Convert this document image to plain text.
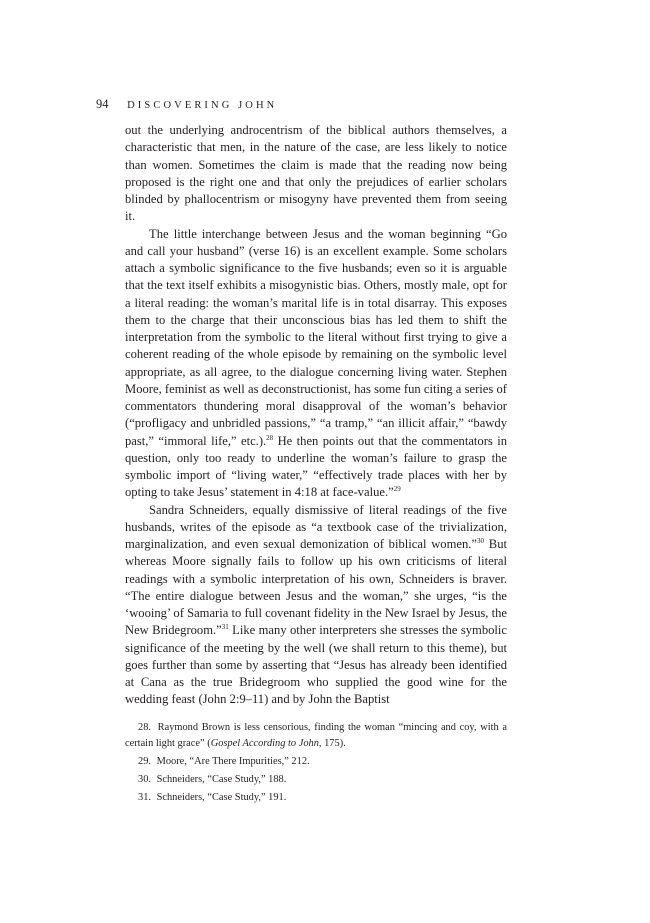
94 DISCOVERING JOHN

out the underlying androcentrism of the biblical authors themselves, a characteristic that men, in the nature of the case, are less likely to notice than women. Sometimes the claim is made that the reading now being proposed is the right one and that only the prejudices of earlier scholars blinded by phallocentrism or misogyny have prevented them from seeing it.

The little interchange between Jesus and the woman beginning “Go and call your husband” (verse 16) is an excellent example. Some scholars attach a symbolic significance to the five husbands; even so it is arguable that the text itself exhibits a misogynistic bias. Others, mostly male, opt for a literal reading: the woman’s marital life is in total disarray. This exposes them to the charge that their unconscious bias has led them to shift the interpretation from the symbolic to the literal without first trying to give a coherent reading of the whole episode by remaining on the symbolic level appropriate, as all agree, to the dialogue concerning living water. Stephen Moore, feminist as well as deconstructionist, has some fun citing a series of commentators thundering moral disapproval of the woman’s behavior (“profligacy and unbridled passions,” “a tramp,” “an illicit affair,” “bawdy past,” “immoral life,” etc.).$^{28}$ He then points out that the commentators in question, only too ready to underline the woman’s failure to grasp the symbolic import of “living water,” “effectively trade places with her by opting to take Jesus’ statement in 4:18 at face-value.”$^{29}$

Sandra Schneiders, equally dismissive of literal readings of the five husbands, writes of the episode as “a textbook case of the trivialization, marginalization, and even sexual demonization of biblical women.”$^{30}$ But whereas Moore signally fails to follow up his own criticisms of literal readings with a symbolic interpretation of his own, Schneiders is braver. “The entire dialogue between Jesus and the woman,” she urges, “is the ‘wooing’ of Samaria to full covenant fidelity in the New Israel by Jesus, the New Bridegroom.”$^{31}$ Like many other interpreters she stresses the symbolic significance of the meeting by the well (we shall return to this theme), but goes further than some by asserting that “Jesus has already been identified at Cana as the true Bridegroom who supplied the good wine for the wedding feast (John 2:9–11) and by John the Baptist

28. Raymond Brown is less censorious, finding the woman “mincing and coy, with a certain light grace” (Gospel According to John, 175).

29. Moore, “Are There Impurities,” 212.

30. Schneiders, “Case Study,” 188.

31. Schneiders, “Case Study,” 191.
